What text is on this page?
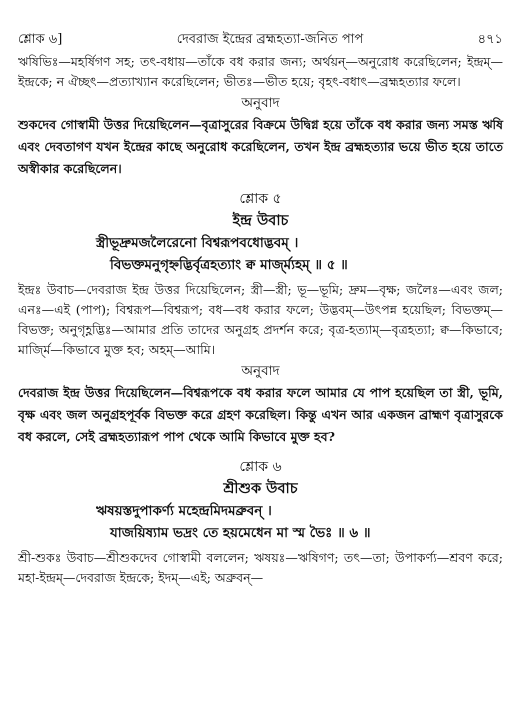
শ্লোক ৬]	দেবরাজ ইন্দ্রের ব্রহ্মহত্যা-জনিত পাপ	৪৭১

ঋষিভিঃ—মহর্ষিগণ সহ; তৎ-বধায়—তাঁকে বধ করার জন্য; অর্থয়ন্—অনুরোধ করেছিলেন; ইন্দ্রম্—ইন্দ্রকে; ন ঐচ্ছৎ—প্রত্যাখ্যান করেছিলেন; ভীতঃ—ভীত হয়ে; বৃহৎ-বধাৎ—ব্রহ্মহত্যার ফলে।

অনুবাদ

শুকদেব গোস্বামী উত্তর দিয়েছিলেন—বৃত্রাসুরের বিক্রমে উদ্বিগ্ন হয়ে তাঁকে বধ করার জন্য সমস্ত ঋষি এবং দেবতাগণ যখন ইন্দ্রের কাছে অনুরোধ করেছিলেন, তখন ইন্দ্র ব্রহ্মহত্যার ভয়ে ভীত হয়ে তাতে অস্বীকার করেছিলেন।

শ্লোক ৫

ইন্দ্র উবাচ

স্ত্রীভূদ্রুমজলৈরেনো বিশ্বরূপবধোদ্ভবম্ ।

বিভক্তমনুগৃহ্নদ্ভির্বৃত্রহত্যাং ক্ব মার্জ্ম্যহম্ ॥ ৫ ॥

ইন্দ্রঃ উবাচ—দেবরাজ ইন্দ্র উত্তর দিয়েছিলেন; স্ত্রী—স্ত্রী; ভূ—ভূমি; দ্রুম—বৃক্ষ; জলৈঃ—এবং জল; এনঃ—এই (পাপ); বিশ্বরূপ—বিশ্বরূপ; বধ—বধ করার ফলে; উদ্ভবম্—উৎপন্ন হয়েছিল; বিভক্তম্—বিভক্ত; অনুগৃহ্ণদ্ভিঃ—আমার প্রতি তাদের অনুগ্রহ প্রদর্শন করে; বৃত্র-হত্যাম্—বৃত্রহত্যা; ক্ব—কিভাবে; মার্জ্মি—কিভাবে মুক্ত হব; অহম্—আমি।

অনুবাদ

দেবরাজ ইন্দ্র উত্তর দিয়েছিলেন—বিশ্বরূপকে বধ করার ফলে আমার যে পাপ হয়েছিল তা স্ত্রী, ভূমি, বৃক্ষ এবং জল অনুগ্রহপূর্বক বিভক্ত করে গ্রহণ করেছিল। কিন্তু এখন আর একজন ব্রাহ্মণ বৃত্রাসুরকে বধ করলে, সেই ব্রহ্মহত্যারূপ পাপ থেকে আমি কিভাবে মুক্ত হব?

শ্লোক ৬

শ্রীশুক উবাচ

ঋষয়স্তদুপাকর্ণ্য মহেন্দ্রমিদমব্রুবন্ ।

যাজয়িষ্যাম ভদ্রং তে হয়মেধেন মা স্ম ভৈঃ ॥ ৬ ॥

শ্রী-শুকঃ উবাচ—শ্রীশুকদেব গোস্বামী বললেন; ঋষয়ঃ—ঋষিগণ; তৎ—তা; উপাকর্ণ্য—শ্রবণ করে; মহা-ইন্দ্রম্—দেবরাজ ইন্দ্রকে; ইদম্—এই; অব্রুবন্—
